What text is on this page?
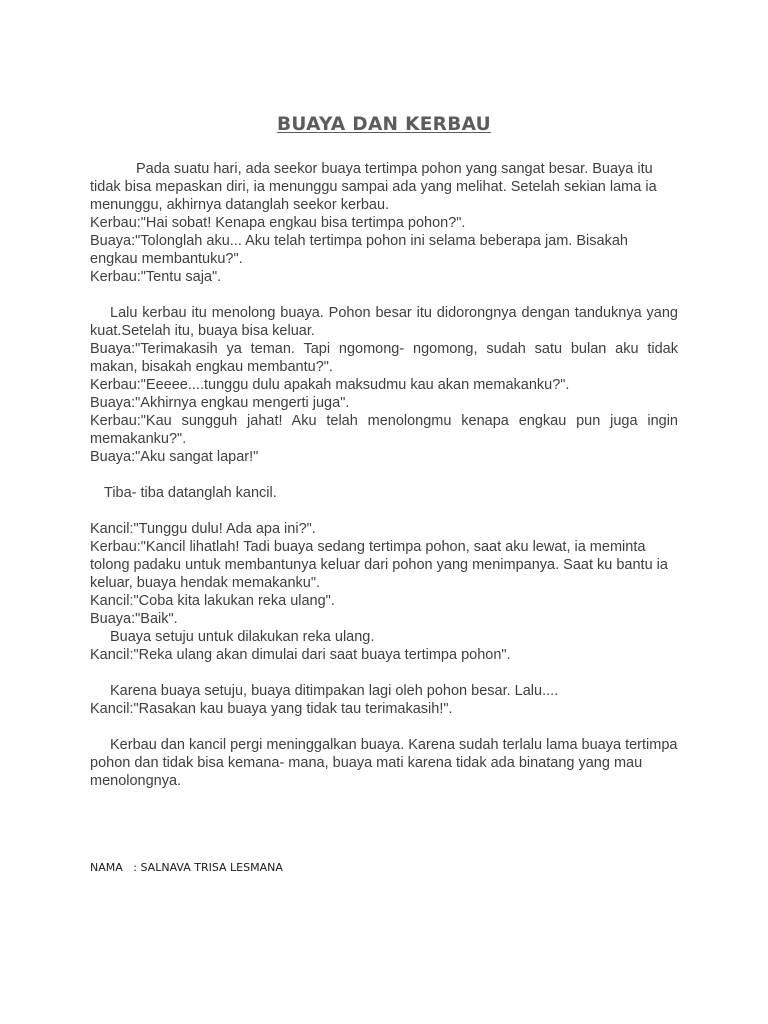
BUAYA DAN KERBAU

Pada suatu hari, ada seekor buaya tertimpa pohon yang sangat besar. Buaya itu tidak bisa mepaskan diri, ia menunggu sampai ada yang melihat. Setelah sekian lama ia menunggu, akhirnya datanglah seekor kerbau.

Kerbau:"Hai sobat! Kenapa engkau bisa tertimpa pohon?".

Buaya:"Tolonglah aku... Aku telah tertimpa pohon ini selama beberapa jam. Bisakah engkau membantuku?".

Kerbau:"Tentu saja".

Lalu kerbau itu menolong buaya. Pohon besar itu didorongnya dengan tanduknya yang kuat.Setelah itu, buaya bisa keluar.

Buaya:"Terimakasih ya teman. Tapi ngomong- ngomong, sudah satu bulan aku tidak makan, bisakah engkau membantu?".

Kerbau:"Eeeee....tunggu dulu apakah maksudmu kau akan memakanku?".

Buaya:"Akhirnya engkau mengerti juga".

Kerbau:"Kau sungguh jahat! Aku telah menolongmu kenapa engkau pun juga ingin memakanku?".

Buaya:"Aku sangat lapar!"

Tiba- tiba datanglah kancil.

Kancil:"Tunggu dulu! Ada apa ini?".

Kerbau:"Kancil lihatlah! Tadi buaya sedang tertimpa pohon, saat aku lewat, ia meminta tolong padaku untuk membantunya keluar dari pohon yang menimpanya. Saat ku bantu ia keluar, buaya hendak memakanku".

Kancil:"Coba kita lakukan reka ulang".

Buaya:"Baik".

Buaya setuju untuk dilakukan reka ulang.

Kancil:"Reka ulang akan dimulai dari saat buaya tertimpa pohon".

Karena buaya setuju, buaya ditimpakan lagi oleh pohon besar. Lalu....

Kancil:"Rasakan kau buaya yang tidak tau terimakasih!".

Kerbau dan kancil pergi meninggalkan buaya. Karena sudah terlalu lama buaya tertimpa pohon dan tidak bisa kemana- mana, buaya mati karena tidak ada binatang yang mau menolongnya.

NAMA : SALNAVA TRISA LESMANA
